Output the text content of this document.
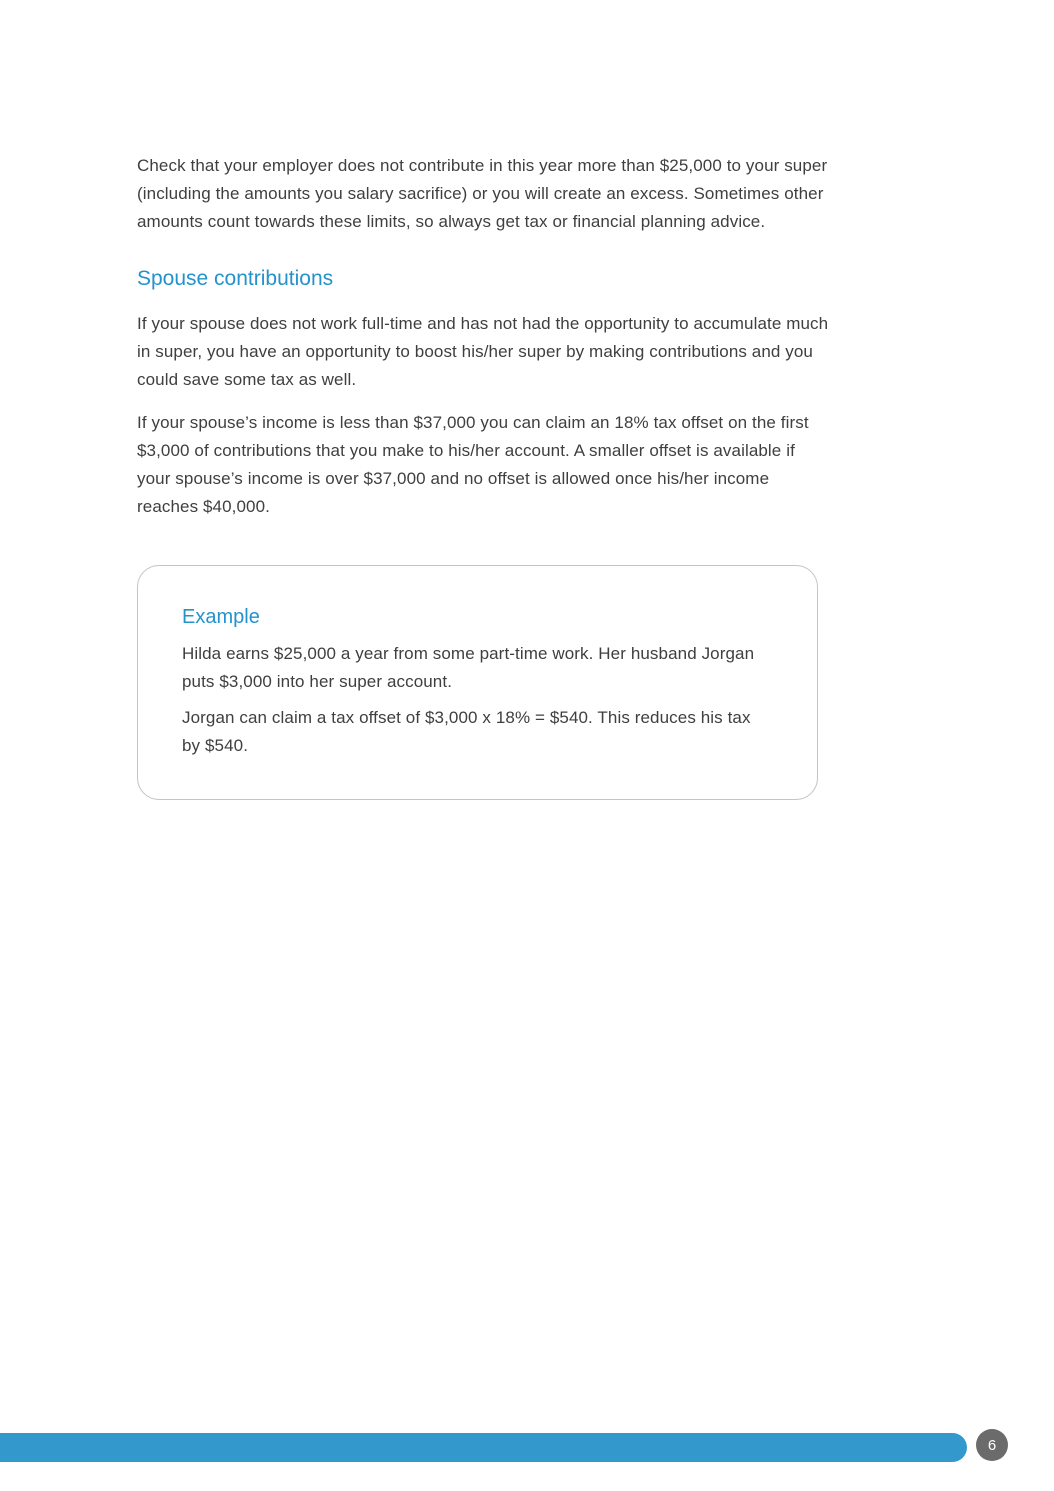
Check that your employer does not contribute in this year more than $25,000 to your super (including the amounts you salary sacrifice) or you will create an excess. Sometimes other amounts count towards these limits, so always get tax or financial planning advice.

Spouse contributions

If your spouse does not work full-time and has not had the opportunity to accumulate much in super, you have an opportunity to boost his/her super by making contributions and you could save some tax as well.

If your spouse’s income is less than $37,000 you can claim an 18% tax offset on the first $3,000 of contributions that you make to his/her account. A smaller offset is available if your spouse’s income is over $37,000 and no offset is allowed once his/her income reaches $40,000.

Example

Hilda earns $25,000 a year from some part-time work. Her husband Jorgan puts $3,000 into her super account.

Jorgan can claim a tax offset of $3,000 x 18% = $540. This reduces his tax by $540.

6
